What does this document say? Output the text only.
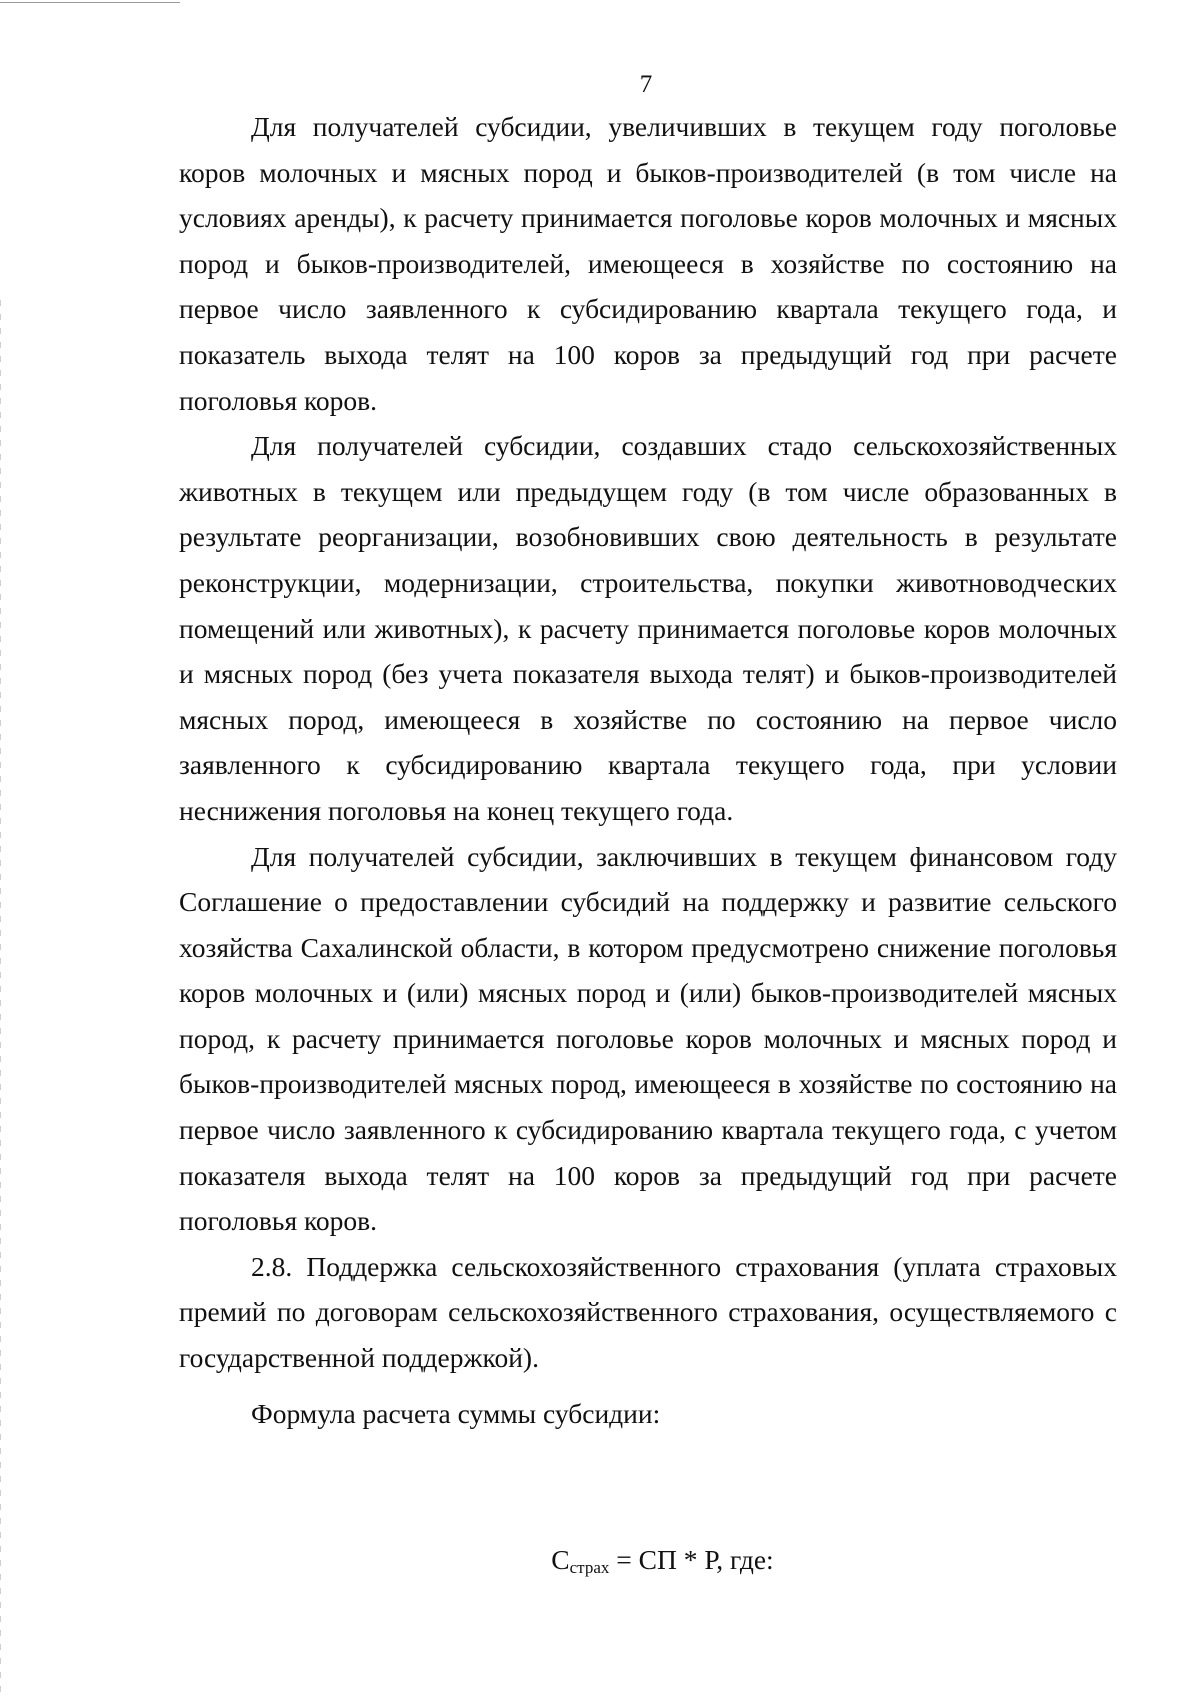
7

Для получателей субсидии, увеличивших в текущем году поголовье коров молочных и мясных пород и быков-производителей (в том числе на условиях аренды), к расчету принимается поголовье коров молочных и мясных пород и быков-производителей, имеющееся в хозяйстве по состоянию на первое число заявленного к субсидированию квартала текущего года, и показатель выхода телят на 100 коров за предыдущий год при расчете поголовья коров.

Для получателей субсидии, создавших стадо сельскохозяйственных животных в текущем или предыдущем году (в том числе образованных в результате реорганизации, возобновивших свою деятельность в результате реконструкции, модернизации, строительства, покупки животноводческих помещений или животных), к расчету принимается поголовье коров молочных и мясных пород (без учета показателя выхода телят) и быков-производителей мясных пород, имеющееся в хозяйстве по состоянию на первое число заявленного к субсидированию квартала текущего года, при условии неснижения поголовья на конец текущего года.

Для получателей субсидии, заключивших в текущем финансовом году Соглашение о предоставлении субсидий на поддержку и развитие сельского хозяйства Сахалинской области, в котором предусмотрено снижение поголовья коров молочных и (или) мясных пород и (или) быков-производителей мясных пород, к расчету принимается поголовье коров молочных и мясных пород и быков-производителей мясных пород, имеющееся в хозяйстве по состоянию на первое число заявленного к субсидированию квартала текущего года, с учетом показателя выхода телят на 100 коров за предыдущий год при расчете поголовья коров.

2.8. Поддержка сельскохозяйственного страхования (уплата страховых премий по договорам сельскохозяйственного страхования, осуществляемого с государственной поддержкой).

Формула расчета суммы субсидии:

$С_{страх}$ = СП * Р, где:
